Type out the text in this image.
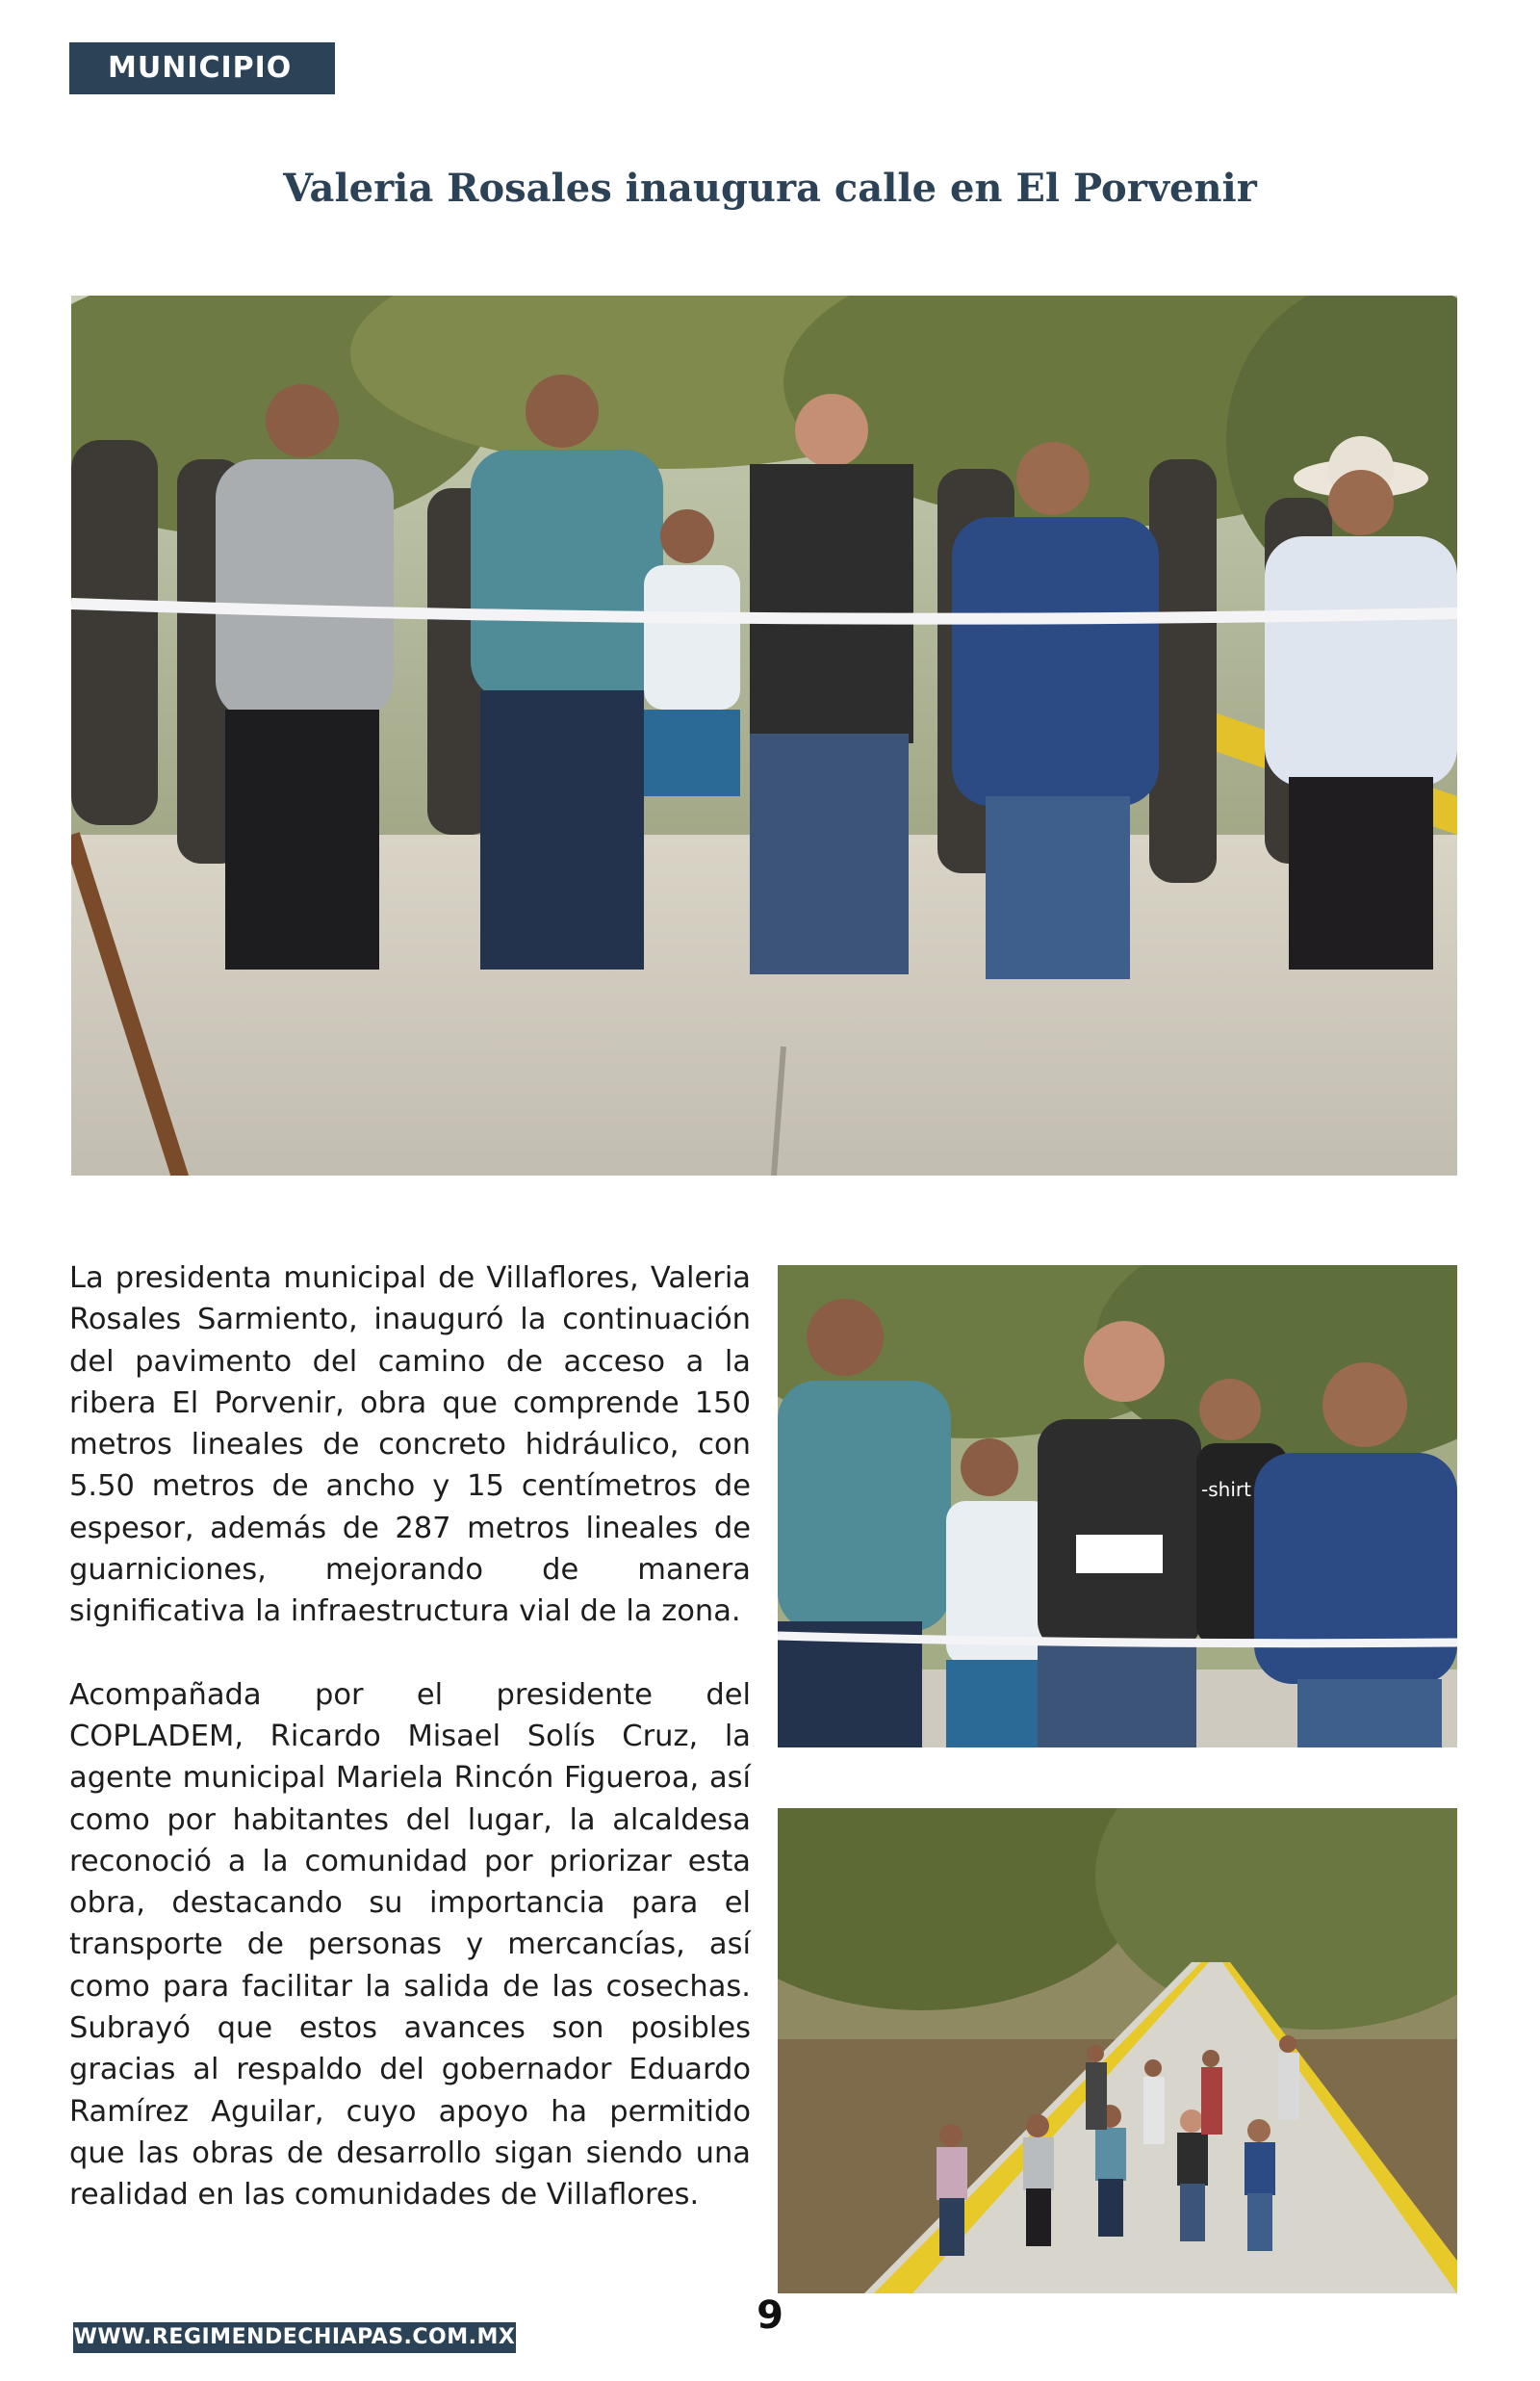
MUNICIPIO
Valeria Rosales inaugura calle en El Porvenir

La presidenta municipal de Villaflores, Valeria Rosales Sarmiento, inauguró la continuación del pavimento del camino de acceso a la ribera El Porvenir, obra que comprende 150 metros lineales de concreto hidráulico, con 5.50 metros de ancho y 15 centímetros de espesor, además de 287 metros lineales de guarniciones, mejorando de manera significativa la infraestructura vial de la zona.

Acompañada por el presidente del COPLADEM, Ricardo Misael Solís Cruz, la agente municipal Mariela Rincón Figueroa, así como por habitantes del lugar, la alcaldesa reconoció a la comunidad por priorizar esta obra, destacando su importancia para el transporte de personas y mercancías, así como para facilitar la salida de las cosechas. Subrayó que estos avances son posibles gracias al respaldo del gobernador Eduardo Ramírez Aguilar, cuyo apoyo ha permitido que las obras de desarrollo sigan siendo una realidad en las comunidades de Villaflores.

-shirt
WWW.REGIMENDECHIAPAS.COM.MX	9
